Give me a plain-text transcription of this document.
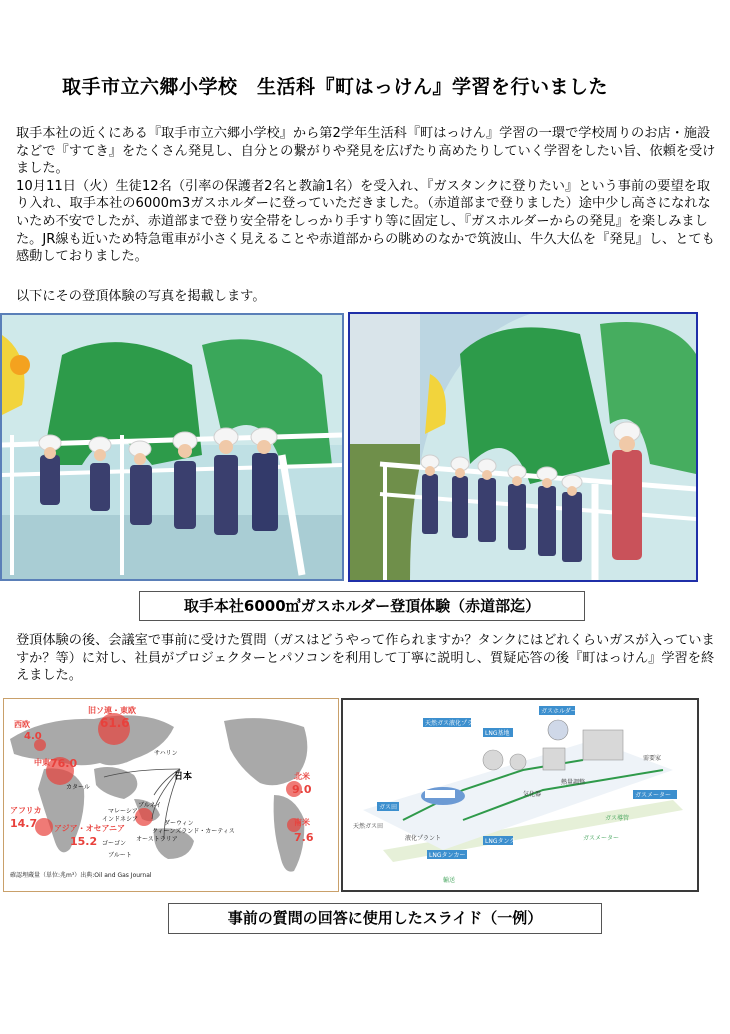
取手市立六郷小学校　生活科『町はっけん』学習を行いました
取手本社の近くにある『取手市立六郷小学校』から第2学年生活科『町はっけん』学習の一環で学校周りのお店・施設などで『すてき』をたくさん発見し、自分との繋がりや発見を広げたり高めたりしていく学習をしたい旨、依頼を受けました。
10月11日（火）生徒12名（引率の保護者2名と教諭1名）を受入れ、『ガスタンクに登りたい』という事前の要望を取り入れ、取手本社の6000m3ガスホルダーに登っていただきました。（赤道部まで登りました）途中少し高さになれないため不安でしたが、赤道部まで登り安全帯をしっかり手すり等に固定し、『ガスホルダーからの発見』を楽しみました。JR線も近いため特急電車が小さく見えることや赤道部からの眺めのなかで筑波山、牛久大仏を『発見』し、とても感動しておりました。
以下にその登頂体験の写真を掲載します。
取手本社6000㎥ガスホルダー登頂体験（赤道部迄）
登頂体験の後、会議室で事前に受けた質問（ガスはどうやって作られますか？タンクにはどれくらいガスが入っていますか？等）に対し、社員がプロジェクターとパソコンを利用して丁寧に説明し、質疑応答の後『町はっけん』学習を終えました。
西欧
4.0
旧ソ連・東欧
61.6
中東 76.0
北米
9.0
アフリカ
14.7 アジア・オセアニア
15.2
南米
7.6
サハリン
日本
カタール
マレーシア
ブルネイ
インドネシア
ダーウィン
クィーンズランド・カーティス
オーストラリア
ゴーゴン
ブルート
確認埋蔵量（単位:兆m³）出典:Oil and Gas Journal
ガスホルダー
天然ガス液化プラント
LNG基地
LNGタンク
LNGタンカー
ガス田
天然ガス田
液化プラント
気化器
熱量調整
ガスメーター
需要家
ガス導管
輸送
ガスメーター
事前の質問の回答に使用したスライド（一例）
